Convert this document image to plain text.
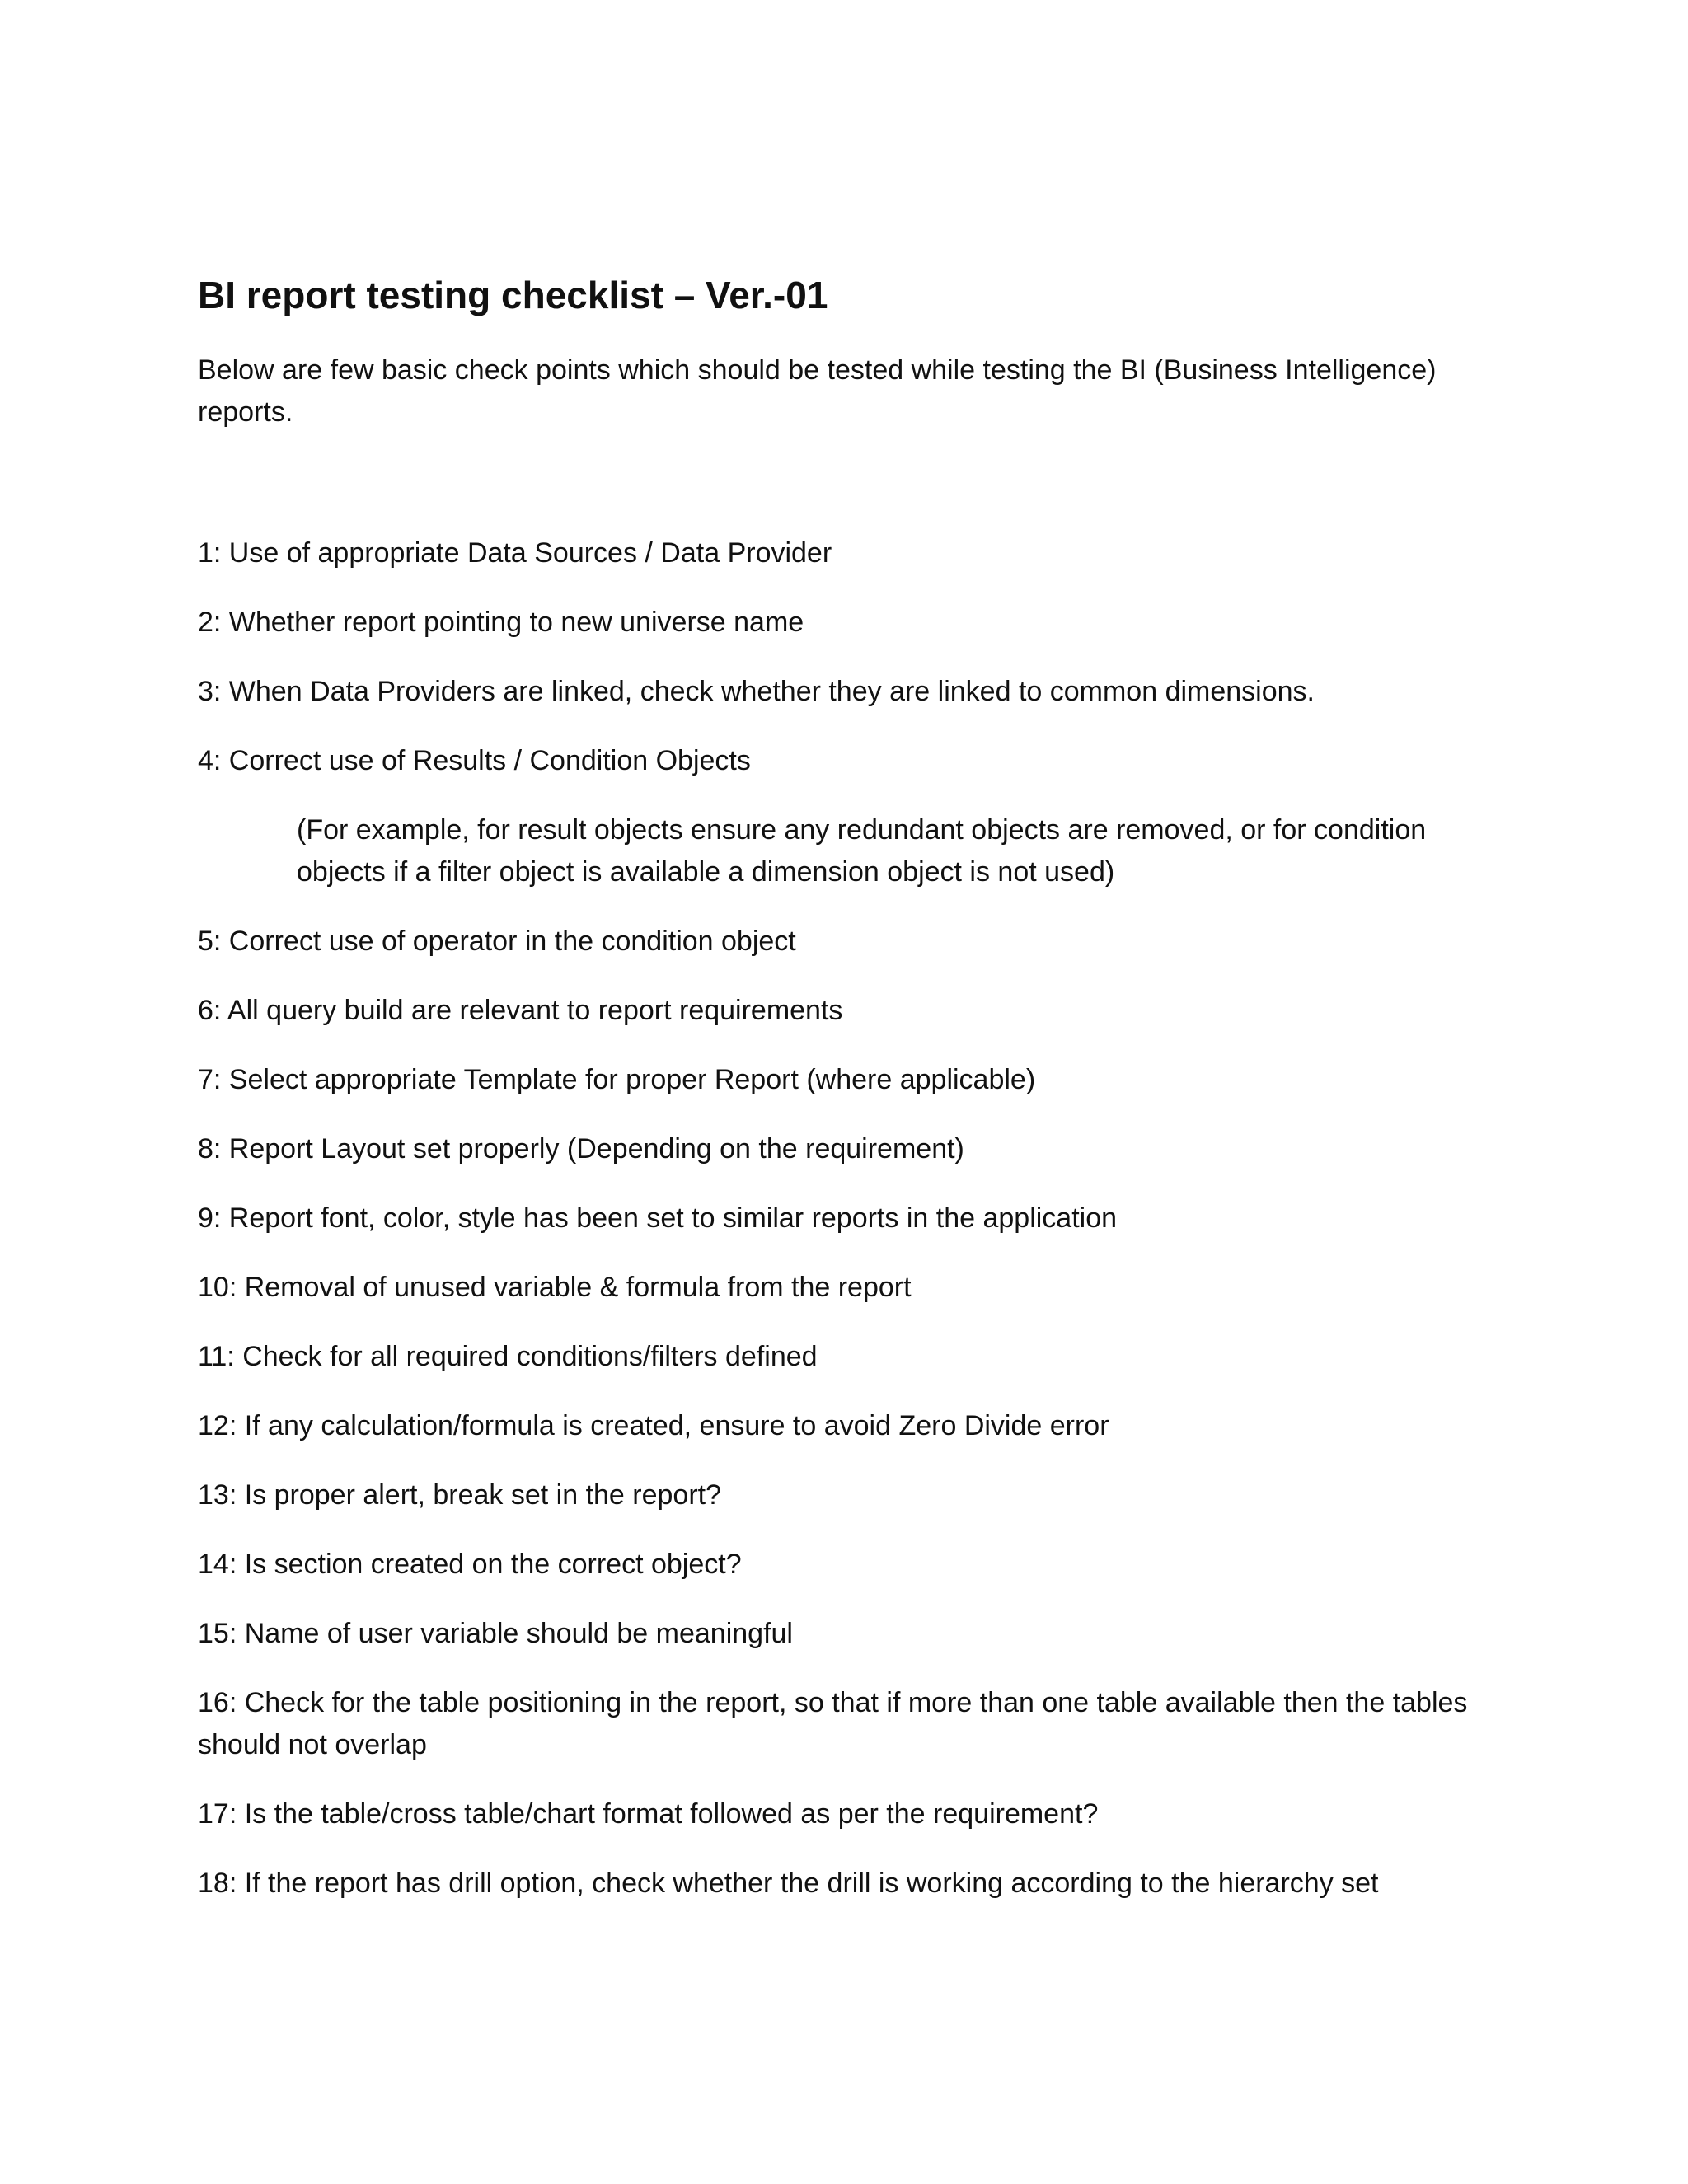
BI report testing checklist – Ver.-01

Below are few basic check points which should be tested while testing the BI (Business Intelligence) reports.

1: Use of appropriate Data Sources / Data Provider
2: Whether report pointing to new universe name
3: When Data Providers are linked, check whether they are linked to common dimensions.
4: Correct use of Results / Condition Objects
(For example, for result objects ensure any redundant objects are removed, or for condition objects if a filter object is available a dimension object is not used)
5: Correct use of operator in the condition object
6: All query build are relevant to report requirements
7: Select appropriate Template for proper Report (where applicable)
8: Report Layout set properly (Depending on the requirement)
9: Report font, color, style has been set to similar reports in the application
10: Removal of unused variable & formula from the report
11: Check for all required conditions/filters defined
12: If any calculation/formula is created, ensure to avoid Zero Divide error
13: Is proper alert, break set in the report?
14: Is section created on the correct object?
15: Name of user variable should be meaningful
16: Check for the table positioning in the report, so that if more than one table available then the tables should not overlap
17: Is the table/cross table/chart format followed as per the requirement?
18: If the report has drill option, check whether the drill is working according to the hierarchy set
